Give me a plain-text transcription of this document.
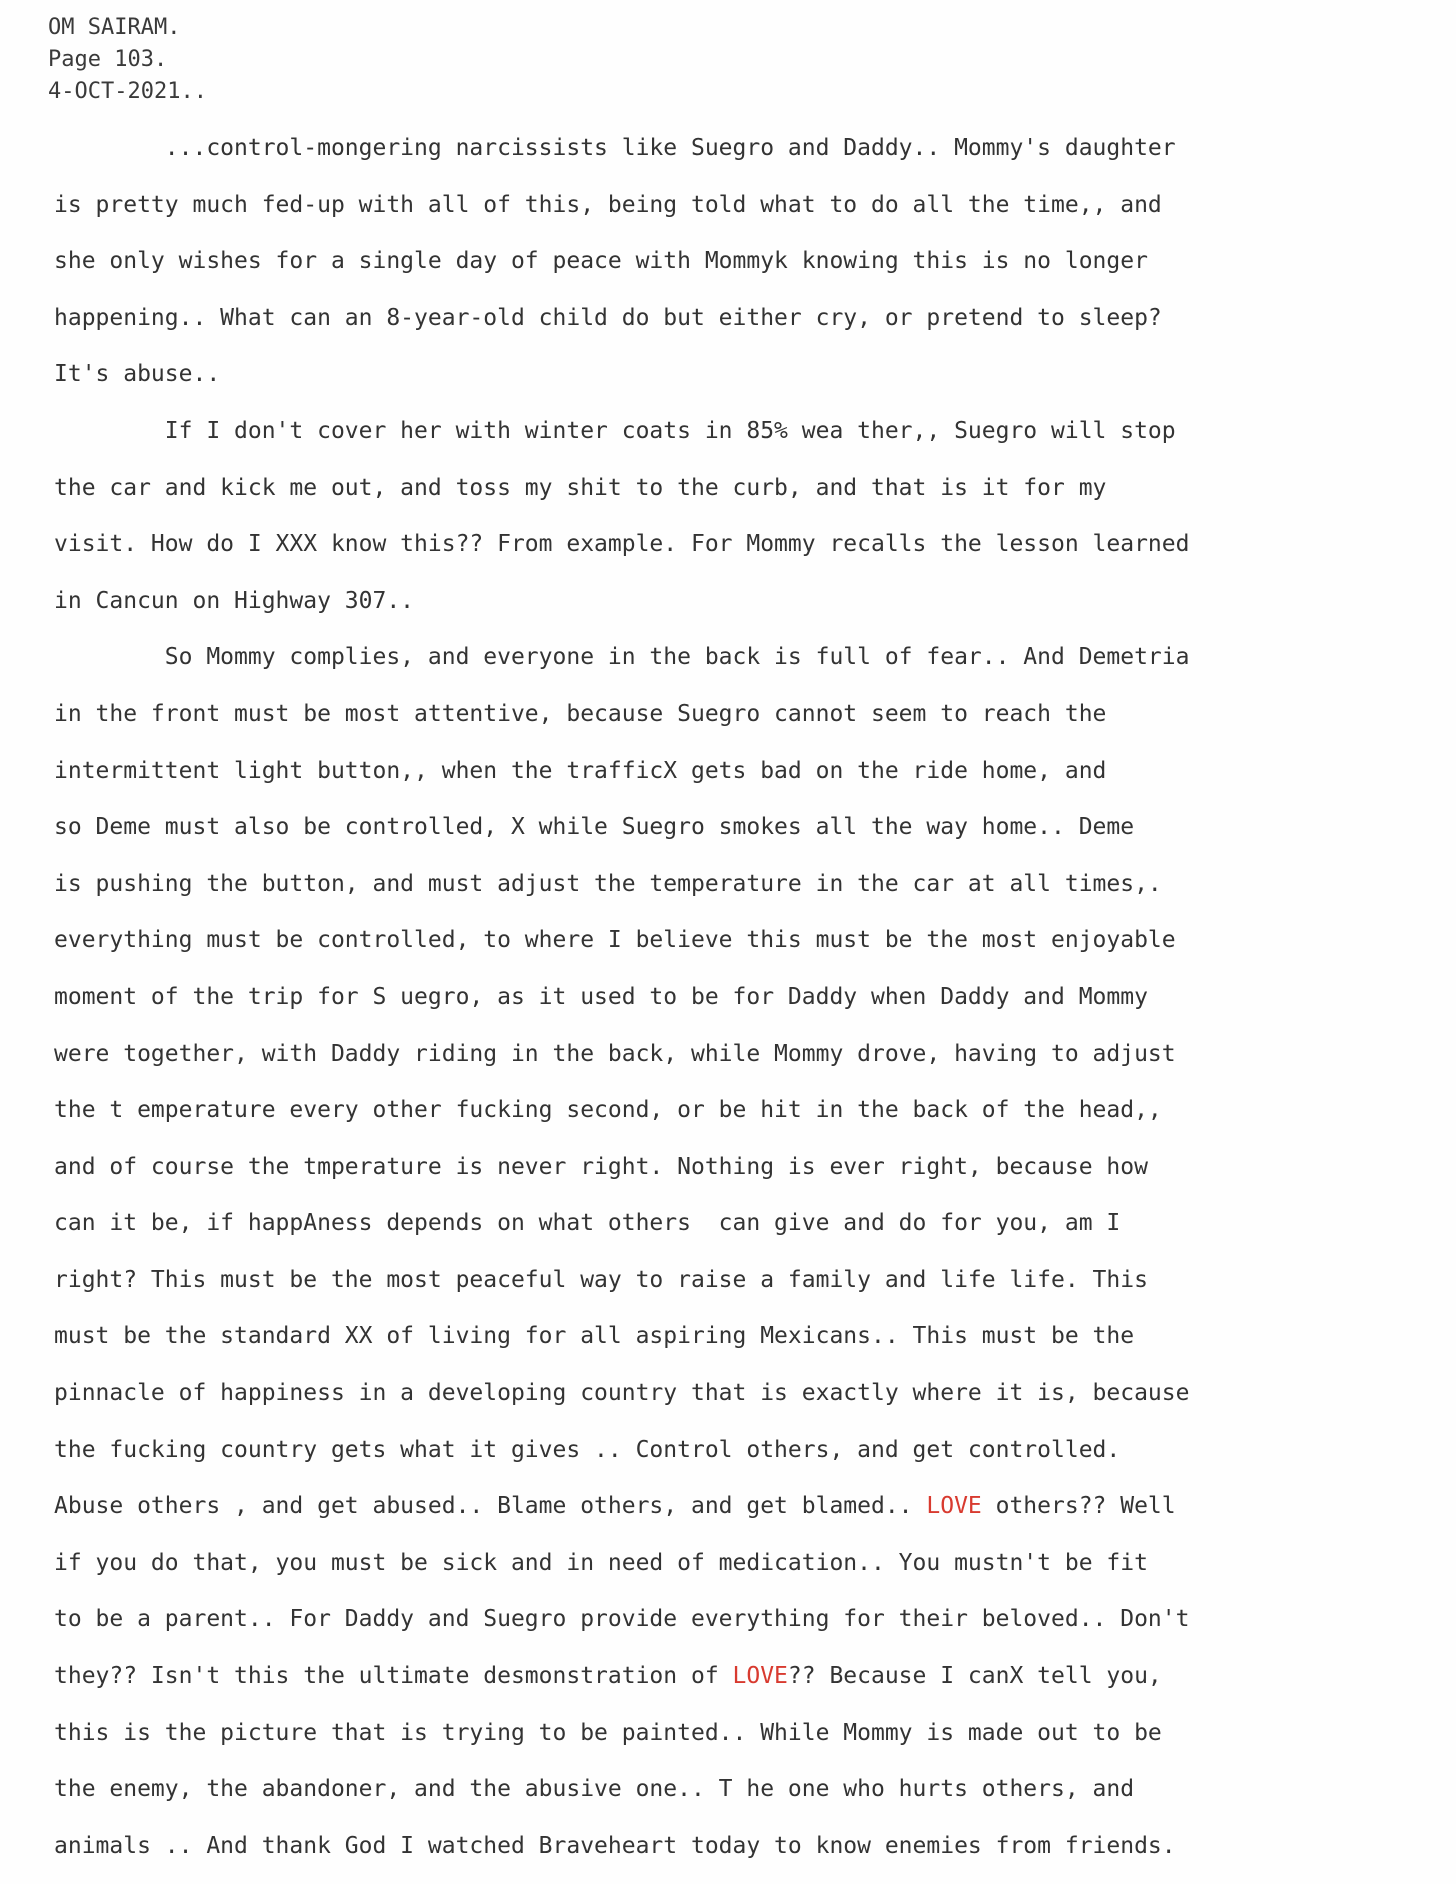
OM SAIRAM.
Page 103.
4-OCT-2021..
...control-mongering narcissists like Suegro and Daddy.. Mommy's daughter
is pretty much fed-up with all of this, being told what to do all the time,, and
she only wishes for a single day of peace with Mommyk knowing this is no longer
happening.. What can an 8-year-old child do but either cry, or pretend to sleep?
It's abuse..
If I don't cover her with winter coats in 85% wea ther,, Suegro will stop
the car and kick me out, and toss my shit to the curb, and that is it for my
visit. How do I XXX know this?? From example. For Mommy recalls the lesson learned
in Cancun on Highway 307..
So Mommy complies, and everyone in the back is full of fear.. And Demetria
in the front must be most attentive, because Suegro cannot seem to reach the
intermittent light button,, when the trafficX gets bad on the ride home, and
so Deme must also be controlled, X while Suegro smokes all the way home.. Deme
is pushing the button, and must adjust the temperature in the car at all times,.
everything must be controlled, to where I believe this must be the most enjoyable
moment of the trip for S uegro, as it used to be for Daddy when Daddy and Mommy
were together, with Daddy riding in the back, while Mommy drove, having to adjust
the t emperature every other fucking second, or be hit in the back of the head,,
and of course the tmperature is never right. Nothing is ever right, because how
can it be, if happAness depends on what others  can give and do for you, am I
right? This must be the most peaceful way to raise a family and life life. This
must be the standard XX of living for all aspiring Mexicans.. This must be the
pinnacle of happiness in a developing country that is exactly where it is, because
the fucking country gets what it gives .. Control others, and get controlled.
Abuse others , and get abused.. Blame others, and get blamed.. LOVE others?? Well
if you do that, you must be sick and in need of medication.. You mustn't be fit
to be a parent.. For Daddy and Suegro provide everything for their beloved.. Don't
they?? Isn't this the ultimate desmonstration of LOVE?? Because I canX tell you,
this is the picture that is trying to be painted.. While Mommy is made out to be
the enemy, the abandoner, and the abusive one.. T he one who hurts others, and
animals .. And thank God I watched Braveheart today to know enemies from friends.
